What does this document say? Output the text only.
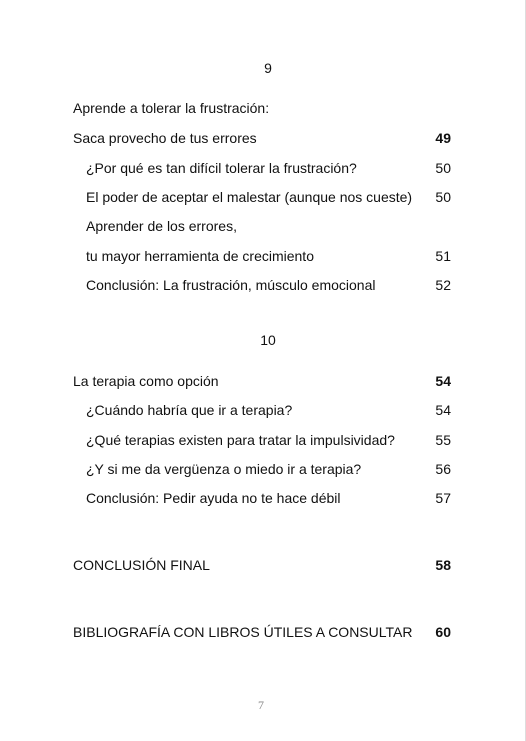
9
Aprende a tolerar la frustración:
Saca provecho de tus errores	49
¿Por qué es tan difícil tolerar la frustración?	50
El poder de aceptar el malestar (aunque nos cueste) 50
Aprender de los errores,
tu mayor herramienta de crecimiento	51
Conclusión: La frustración, músculo emocional	52
10
La terapia como opción	54
¿Cuándo habría que ir a terapia?	54
¿Qué terapias existen para tratar la impulsividad?	55
¿Y si me da vergüenza o miedo ir a terapia?	56
Conclusión: Pedir ayuda no te hace débil	57
CONCLUSIÓN FINAL	58
BIBLIOGRAFÍA CON LIBROS ÚTILES A CONSULTAR 60
7
